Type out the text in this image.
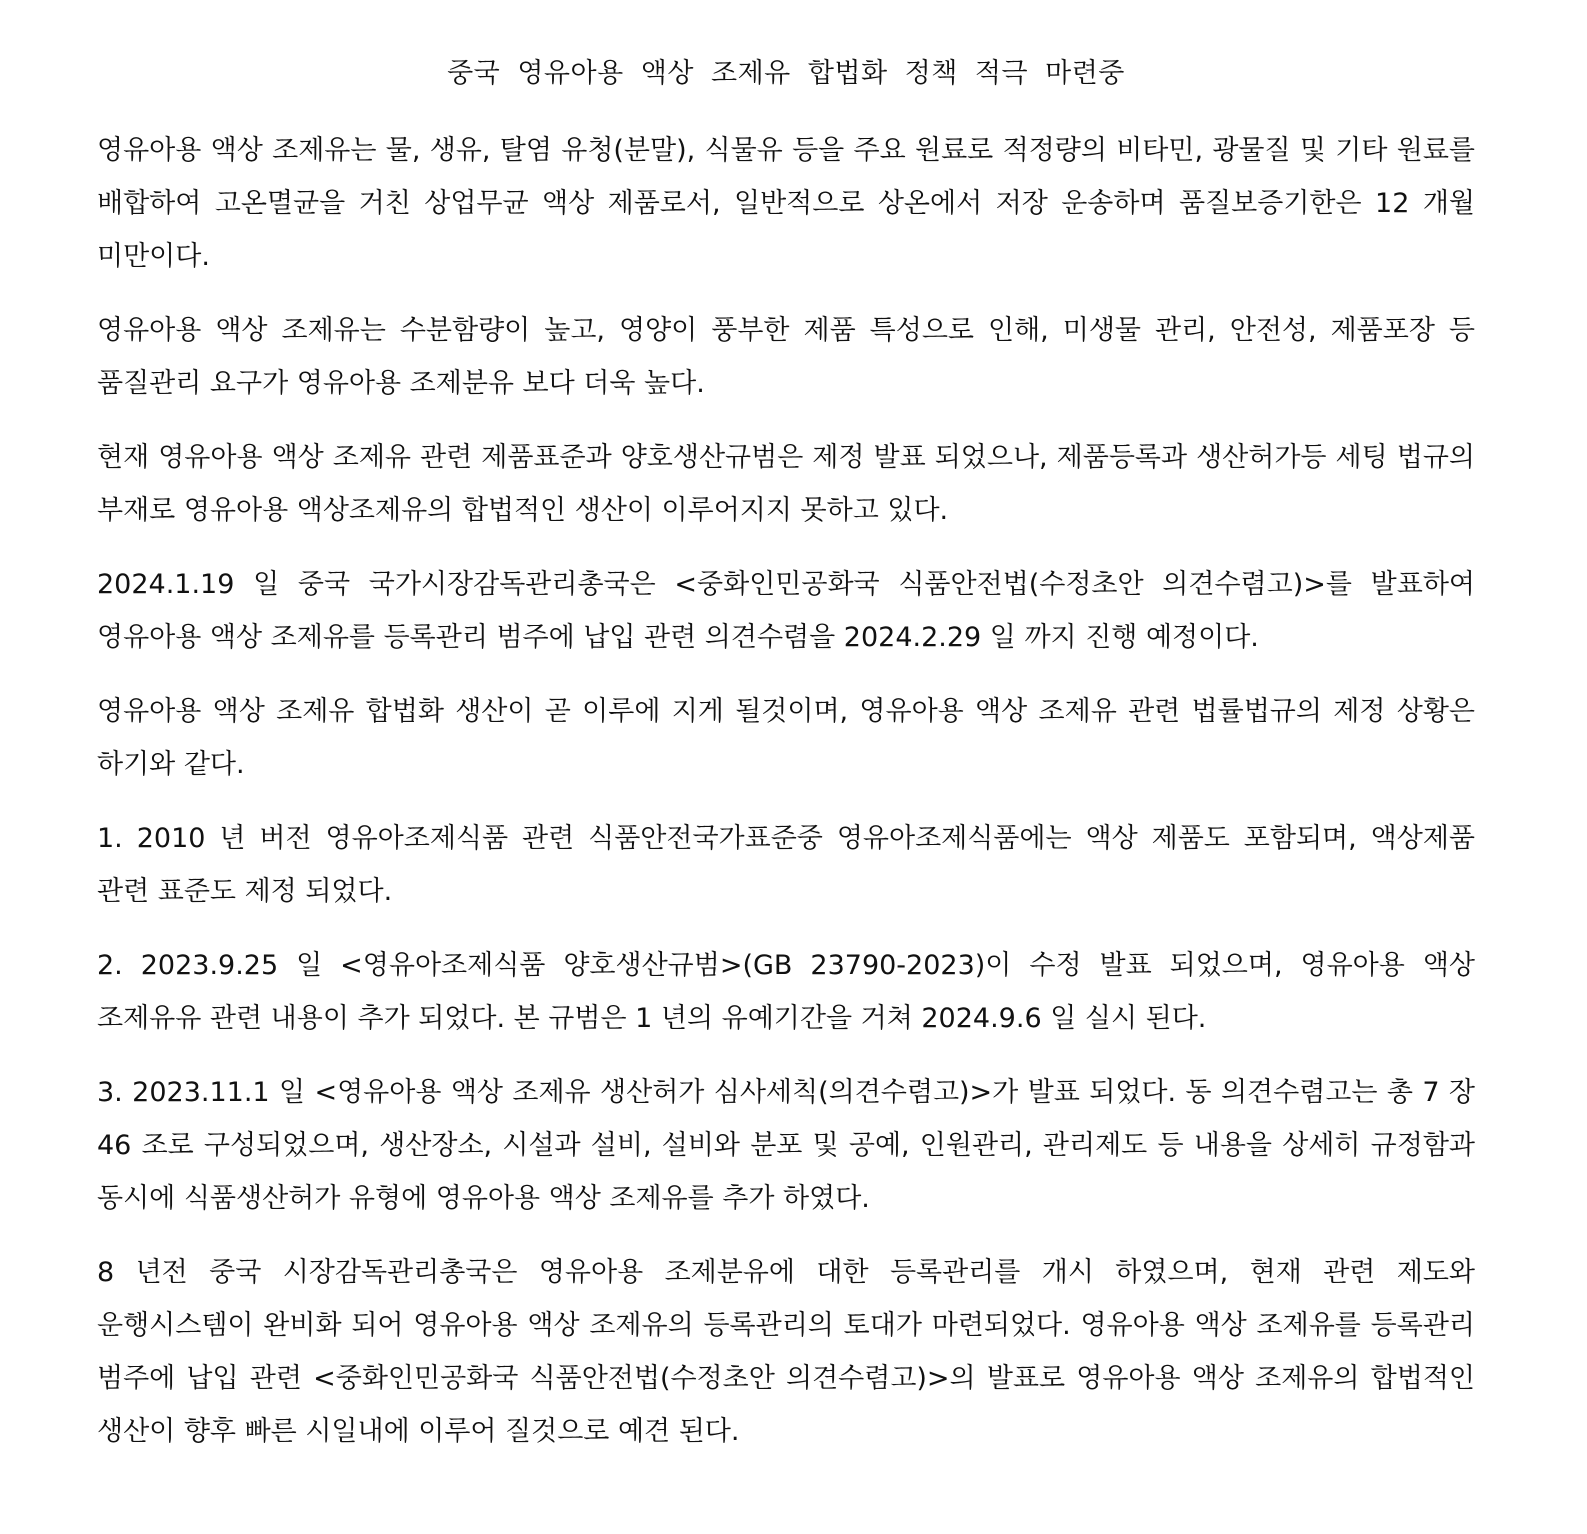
중국 영유아용 액상 조제유 합법화 정책 적극 마련중

영유아용 액상 조제유는 물, 생유, 탈염 유청(분말), 식물유 등을 주요 원료로 적정량의 비타민, 광물질 및 기타 원료를 배합하여 고온멸균을 거친 상업무균 액상 제품로서, 일반적으로 상온에서 저장 운송하며 품질보증기한은 12 개월 미만이다.

영유아용 액상 조제유는 수분함량이 높고, 영양이 풍부한 제품 특성으로 인해, 미생물 관리, 안전성, 제품포장 등 품질관리 요구가 영유아용 조제분유 보다 더욱 높다.

현재 영유아용 액상 조제유 관련 제품표준과 양호생산규범은 제정 발표 되었으나, 제품등록과 생산허가등 세팅 법규의 부재로 영유아용 액상조제유의 합법적인 생산이 이루어지지 못하고 있다.

2024.1.19 일 중국 국가시장감독관리총국은 <중화인민공화국 식품안전법(수정초안 의견수렴고)>를 발표하여 영유아용 액상 조제유를 등록관리 범주에 납입 관련 의견수렴을 2024.2.29 일 까지 진행 예정이다.

영유아용 액상 조제유 합법화 생산이 곧 이루에 지게 될것이며, 영유아용 액상 조제유 관련 법률법규의 제정 상황은 하기와 같다.

1. 2010 년 버전 영유아조제식품 관련 식품안전국가표준중 영유아조제식품에는 액상 제품도 포함되며, 액상제품 관련 표준도 제정 되었다.

2. 2023.9.25 일 <영유아조제식품 양호생산규범>(GB 23790-2023)이 수정 발표 되었으며, 영유아용 액상 조제유유 관련 내용이 추가 되었다. 본 규범은 1 년의 유예기간을 거쳐 2024.9.6 일 실시 된다.

3. 2023.11.1 일 <영유아용 액상 조제유 생산허가 심사세칙(의견수렴고)>가 발표 되었다. 동 의견수렴고는 총 7 장 46 조로 구성되었으며, 생산장소, 시설과 설비, 설비와 분포 및 공예, 인원관리, 관리제도 등 내용을 상세히 규정함과 동시에 식품생산허가 유형에 영유아용 액상 조제유를 추가 하였다.

8 년전 중국 시장감독관리총국은 영유아용 조제분유에 대한 등록관리를 개시 하였으며, 현재 관련 제도와 운행시스템이 완비화 되어 영유아용 액상 조제유의 등록관리의 토대가 마련되었다. 영유아용 액상 조제유를 등록관리 범주에 납입 관련 <중화인민공화국 식품안전법(수정초안 의견수렴고)>의 발표로 영유아용 액상 조제유의 합법적인 생산이 향후 빠른 시일내에 이루어 질것으로 예견 된다.
